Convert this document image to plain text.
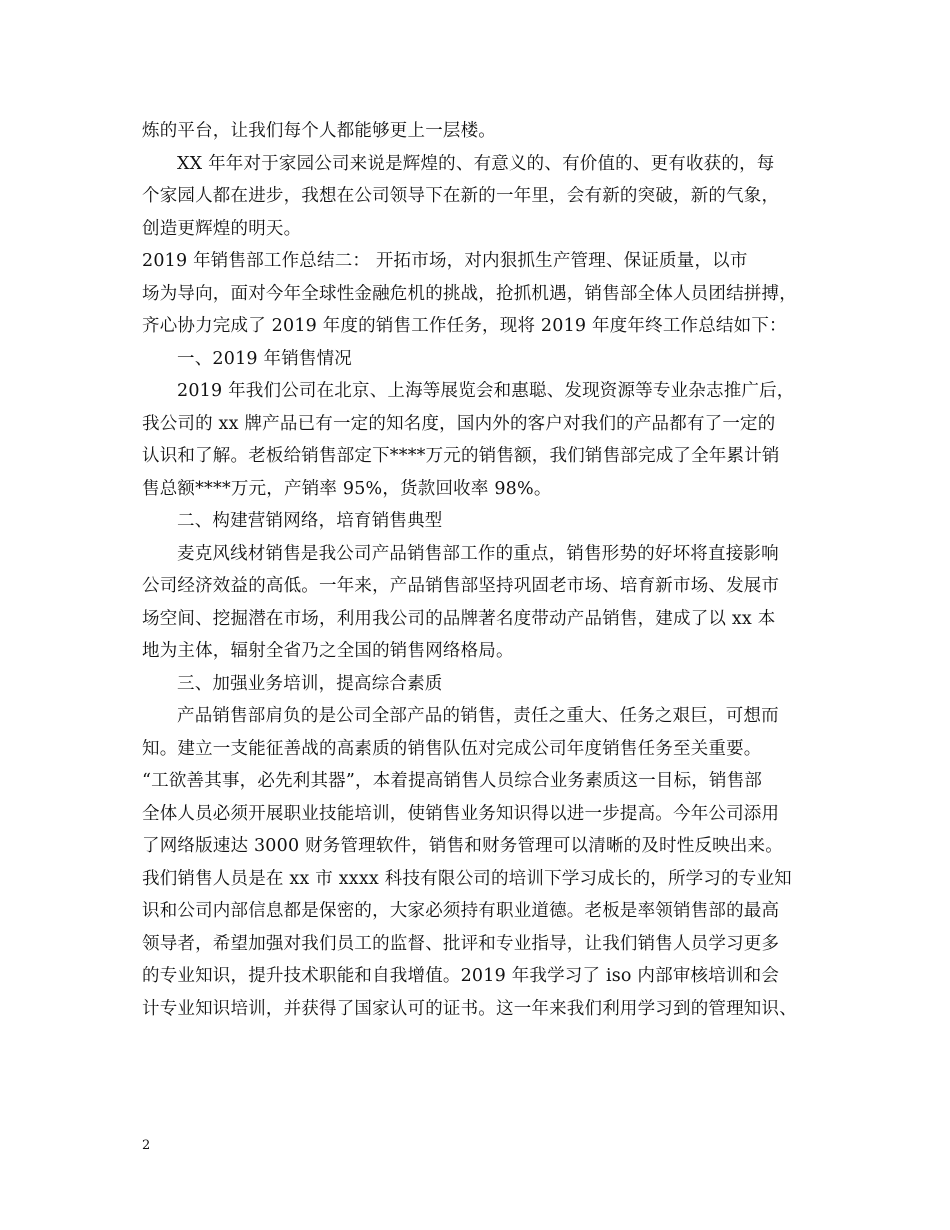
炼的平台，让我们每个人都能够更上一层楼。
XX 年年对于家园公司来说是辉煌的、有意义的、有价值的、更有收获的，每
个家园人都在进步，我想在公司领导下在新的一年里，会有新的突破，新的气象，
创造更辉煌的明天。
2019 年销售部工作总结二： 开拓市场，对内狠抓生产管理、保证质量，以市
场为导向，面对今年全球性金融危机的挑战，抢抓机遇，销售部全体人员团结拼搏，
齐心协力完成了 2019 年度的销售工作任务，现将 2019 年度年终工作总结如下：
一、2019 年销售情况
2019 年我们公司在北京、上海等展览会和惠聪、发现资源等专业杂志推广后，
我公司的 xx 牌产品已有一定的知名度，国内外的客户对我们的产品都有了一定的
认识和了解。老板给销售部定下****万元的销售额，我们销售部完成了全年累计销
售总额****万元，产销率 95%，货款回收率 98%。
二、构建营销网络，培育销售典型
麦克风线材销售是我公司产品销售部工作的重点，销售形势的好坏将直接影响
公司经济效益的高低。一年来，产品销售部坚持巩固老市场、培育新市场、发展市
场空间、挖掘潜在市场，利用我公司的品牌著名度带动产品销售，建成了以 xx 本
地为主体，辐射全省乃之全国的销售网络格局。
三、加强业务培训，提高综合素质
产品销售部肩负的是公司全部产品的销售，责任之重大、任务之艰巨，可想而
知。建立一支能征善战的高素质的销售队伍对完成公司年度销售任务至关重要。
“工欲善其事，必先利其器”，本着提高销售人员综合业务素质这一目标，销售部
全体人员必须开展职业技能培训，使销售业务知识得以进一步提高。今年公司添用
了网络版速达 3000 财务管理软件，销售和财务管理可以清晰的及时性反映出来。
我们销售人员是在 xx 市 xxxx 科技有限公司的培训下学习成长的，所学习的专业知
识和公司内部信息都是保密的，大家必须持有职业道德。老板是率领销售部的最高
领导者，希望加强对我们员工的监督、批评和专业指导，让我们销售人员学习更多
的专业知识，提升技术职能和自我增值。2019 年我学习了 iso 内部审核培训和会
计专业知识培训，并获得了国家认可的证书。这一年来我们利用学习到的管理知识、
2
